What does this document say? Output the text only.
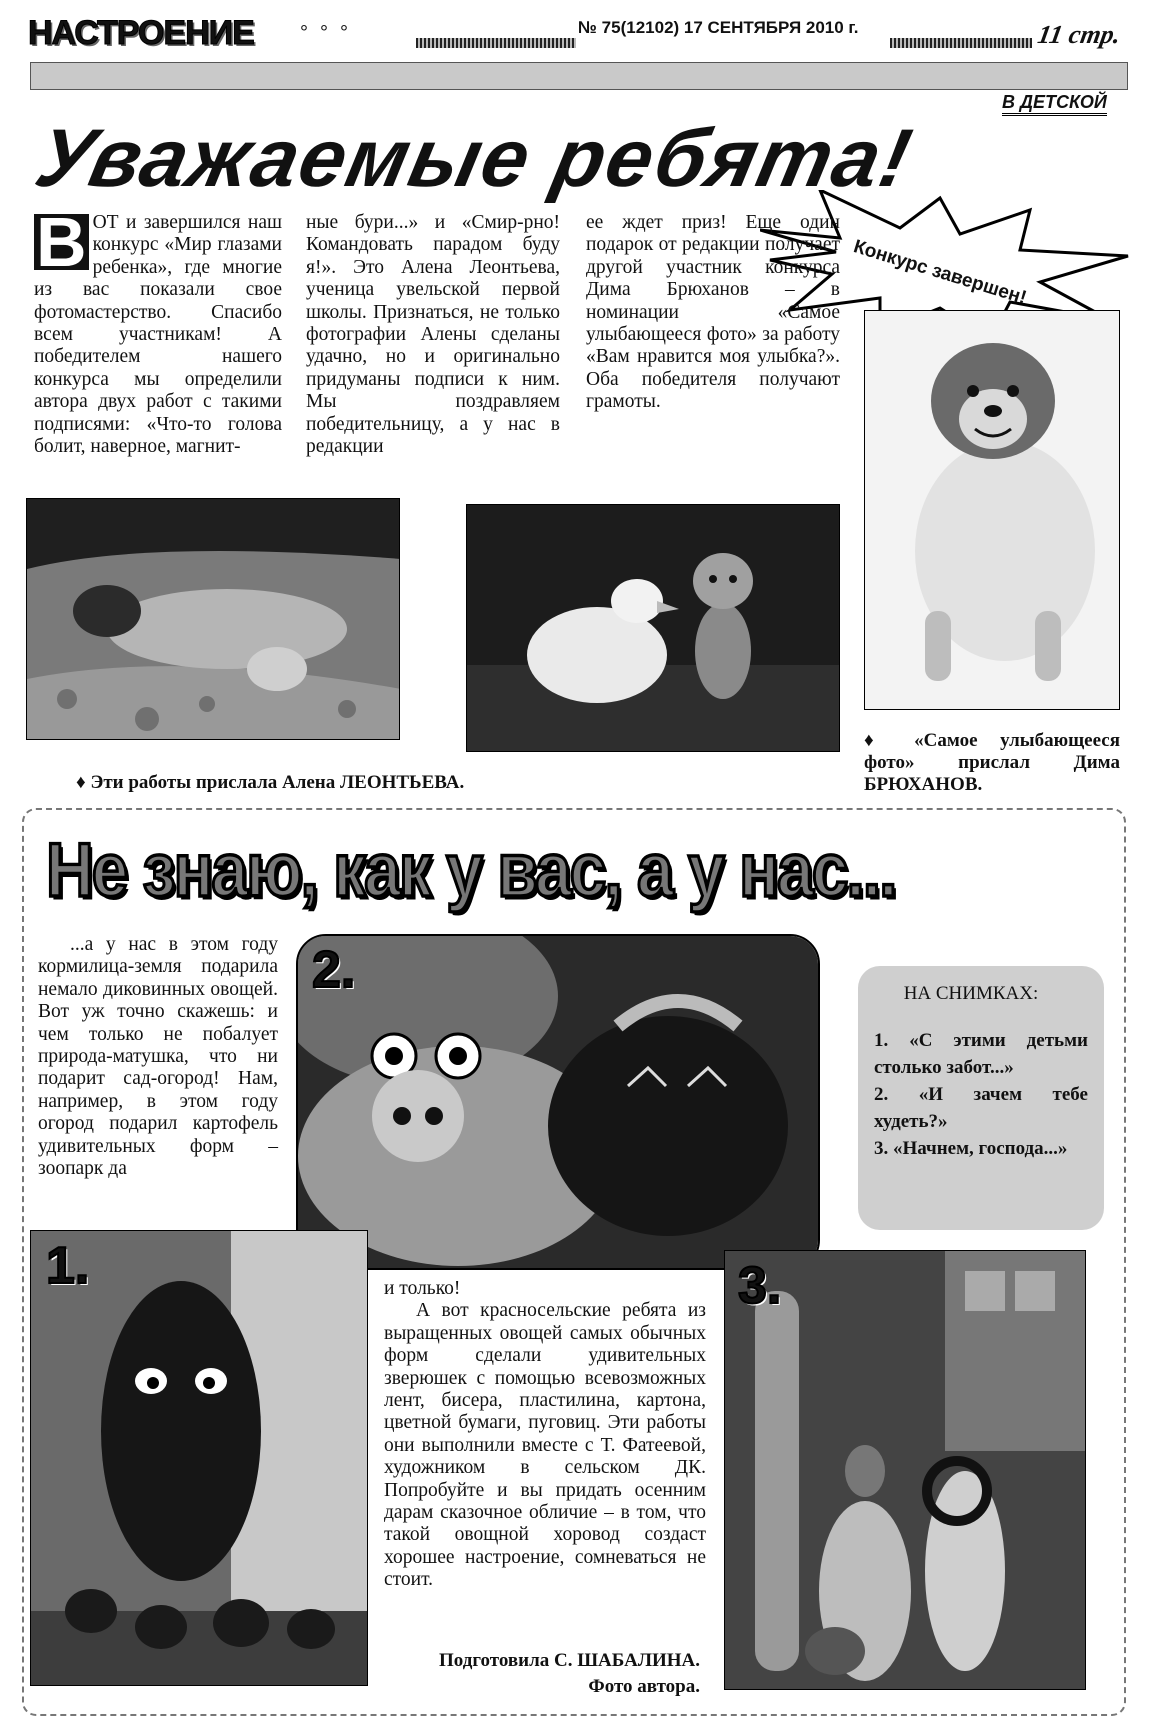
НАСТРОЕНИЕ °°°	№ 75(12102) 17 СЕНТЯБРЯ 2010 г.	11 стр.
В ДЕТСКОЙ
Уважаемые ребята!
Конкурс завершен!
В ОТ и завершился наш конкурс «Мир глазами ребенка», где многие из вас показали свое фотомастерство. Спасибо всем участникам! А победителем нашего конкурса мы определили автора двух работ с такими подписями: «Что-то голова болит, наверное, магнит-
ные бури...» и «Смир-рно! Командовать парадом буду я!». Это Алена Леонтьева, ученица увельской первой школы. Признаться, не только фотографии Алены сделаны удачно, но и оригинально придуманы подписи к ним. Мы поздравляем победительницу, а у нас в редакции
ее ждет приз! Еще один подарок от редакции получает другой участник конкурса Дима Брюханов – в номинации «Самое улыбающееся фото» за работу «Вам нравится моя улыбка?». Оба победителя получают грамоты.
♦ Эти работы прислала Алена ЛЕОНТЬЕВА.
♦ «Самое улыбающееся фото» прислал Дима БРЮХАНОВ.
Не знаю, как у вас, а у нас...
...а у нас в этом году кормилица-земля подарила немало диковинных овощей. Вот уж точно скажешь: и чем только не побалует природа-матушка, что ни подарит сад-огород! Нам, например, в этом году огород подарил картофель удивительных форм – зоопарк да
2.	НА СНИМКАХ:
1. «С этими детьми столько забот...»
2. «И зачем тебе худеть?»
3. «Начнем, господа...»
1.	и только!
А вот красносельские ребята из выращенных овощей самых обычных форм сделали удивительных зверюшек с помощью всевозможных лент, бисера, пластилина, картона, цветной бумаги, пуговиц. Эти работы они выполнили вместе с Т. Фатеевой, художником в сельском ДК. Попробуйте и вы придать осенним дарам сказочное обличие – в том, что такой овощной хоровод создаст хорошее настроение, сомневаться не стоит.
Подготовила С. ШАБАЛИНА.
Фото автора.
3.
